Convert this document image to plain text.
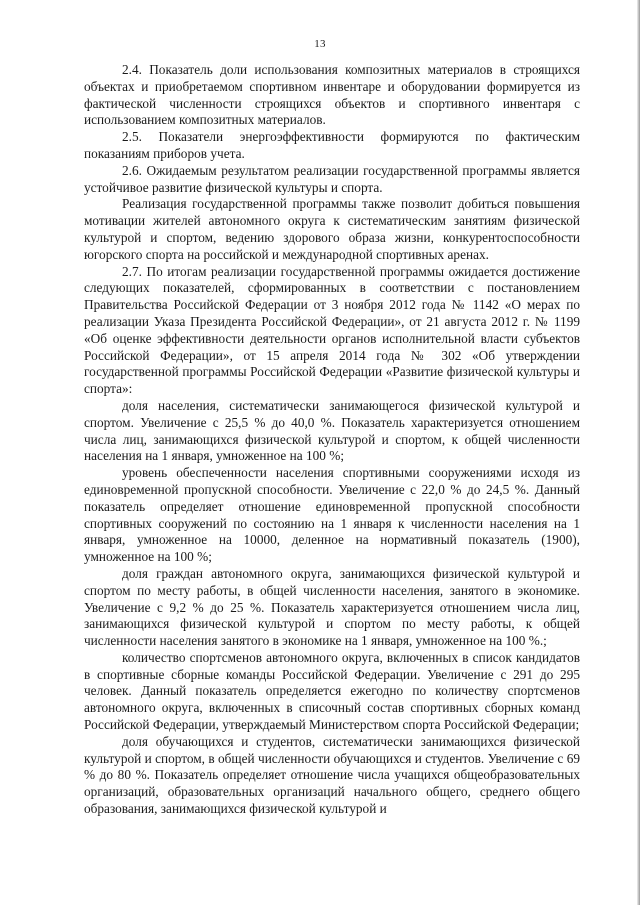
13

2.4. Показатель доли использования композитных материалов в строящихся объектах и приобретаемом спортивном инвентаре и оборудовании формируется из фактической численности строящихся объектов и спортивного инвентаря с использованием композитных материалов.

2.5. Показатели энергоэффективности формируются по фактическим показаниям приборов учета.

2.6. Ожидаемым результатом реализации государственной программы является устойчивое развитие физической культуры и спорта.

Реализация государственной программы также позволит добиться повышения мотивации жителей автономного округа к систематическим занятиям физической культурой и спортом, ведению здорового образа жизни, конкурентоспособности югорского спорта на российской и международной спортивных аренах.

2.7. По итогам реализации государственной программы ожидается достижение следующих показателей, сформированных в соответствии с постановлением Правительства Российской Федерации от 3 ноября 2012 года № 1142 «О мерах по реализации Указа Президента Российской Федерации», от 21 августа 2012 г. № 1199 «Об оценке эффективности деятельности органов исполнительной власти субъектов Российской Федерации», от 15 апреля 2014 года № 302 «Об утверждении государственной программы Российской Федерации «Развитие физической культуры и спорта»:

доля населения, систематически занимающегося физической культурой и спортом. Увеличение с 25,5 % до 40,0 %. Показатель характеризуется отношением числа лиц, занимающихся физической культурой и спортом, к общей численности населения на 1 января, умноженное на 100 %;

уровень обеспеченности населения спортивными сооружениями исходя из единовременной пропускной способности. Увеличение с 22,0 % до 24,5 %. Данный показатель определяет отношение единовременной пропускной способности спортивных сооружений по состоянию на 1 января к численности населения на 1 января, умноженное на 10000, деленное на нормативный показатель (1900), умноженное на 100 %;

доля граждан автономного округа, занимающихся физической культурой и спортом по месту работы, в общей численности населения, занятого в экономике. Увеличение с 9,2 % до 25 %. Показатель характеризуется отношением числа лиц, занимающихся физической культурой и спортом по месту работы, к общей численности населения занятого в экономике на 1 января, умноженное на 100 %.;

количество спортсменов автономного округа, включенных в список кандидатов в спортивные сборные команды Российской Федерации. Увеличение с 291 до 295 человек. Данный показатель определяется ежегодно по количеству спортсменов автономного округа, включенных в списочный состав спортивных сборных команд Российской Федерации, утверждаемый Министерством спорта Российской Федерации;

доля обучающихся и студентов, систематически занимающихся физической культурой и спортом, в общей численности обучающихся и студентов. Увеличение с 69 % до 80 %. Показатель определяет отношение числа учащихся общеобразовательных организаций, образовательных организаций начального общего, среднего общего образования, занимающихся физической культурой и
